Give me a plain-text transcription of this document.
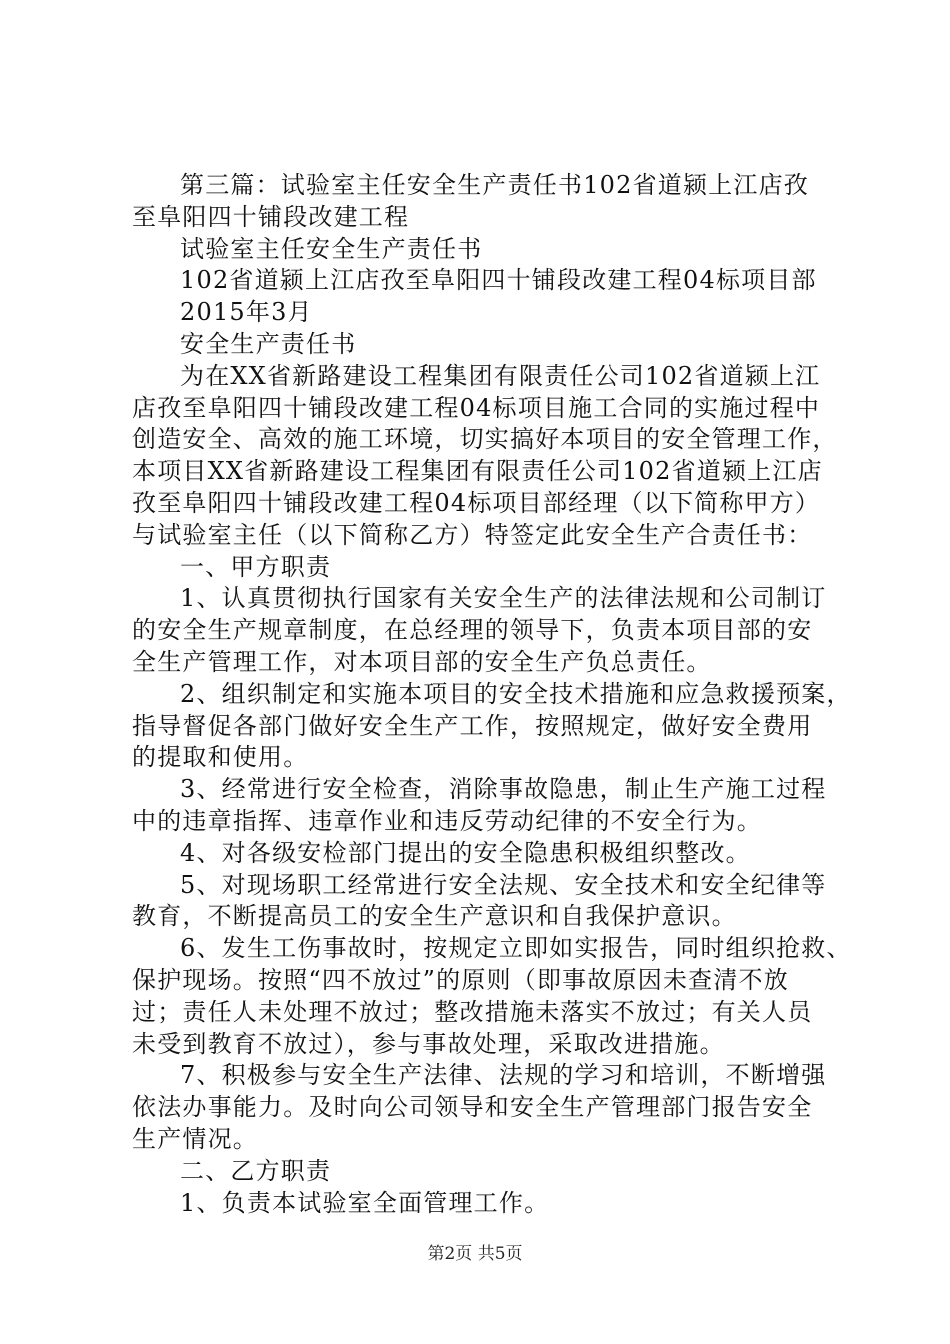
第三篇：试验室主任安全生产责任书102省道颍上江店孜
至阜阳四十铺段改建工程
试验室主任安全生产责任书
102省道颍上江店孜至阜阳四十铺段改建工程04标项目部
2015年3月
安全生产责任书
为在XX省新路建设工程集团有限责任公司102省道颍上江
店孜至阜阳四十铺段改建工程04标项目施工合同的实施过程中
创造安全、高效的施工环境，切实搞好本项目的安全管理工作，
本项目XX省新路建设工程集团有限责任公司102省道颍上江店
孜至阜阳四十铺段改建工程04标项目部经理（以下简称甲方）
与试验室主任（以下简称乙方）特签定此安全生产合责任书：
一、甲方职责
1、认真贯彻执行国家有关安全生产的法律法规和公司制订
的安全生产规章制度，在总经理的领导下，负责本项目部的安
全生产管理工作，对本项目部的安全生产负总责任。
2、组织制定和实施本项目的安全技术措施和应急救援预案，
指导督促各部门做好安全生产工作，按照规定，做好安全费用
的提取和使用。
3、经常进行安全检查，消除事故隐患，制止生产施工过程
中的违章指挥、违章作业和违反劳动纪律的不安全行为。
4、对各级安检部门提出的安全隐患积极组织整改。
5、对现场职工经常进行安全法规、安全技术和安全纪律等
教育，不断提高员工的安全生产意识和自我保护意识。
6、发生工伤事故时，按规定立即如实报告，同时组织抢救、
保护现场。按照“四不放过”的原则（即事故原因未查清不放
过；责任人未处理不放过；整改措施未落实不放过；有关人员
未受到教育不放过），参与事故处理，采取改进措施。
7、积极参与安全生产法律、法规的学习和培训，不断增强
依法办事能力。及时向公司领导和安全生产管理部门报告安全
生产情况。
二、乙方职责
1、负责本试验室全面管理工作。
第2页 共5页
